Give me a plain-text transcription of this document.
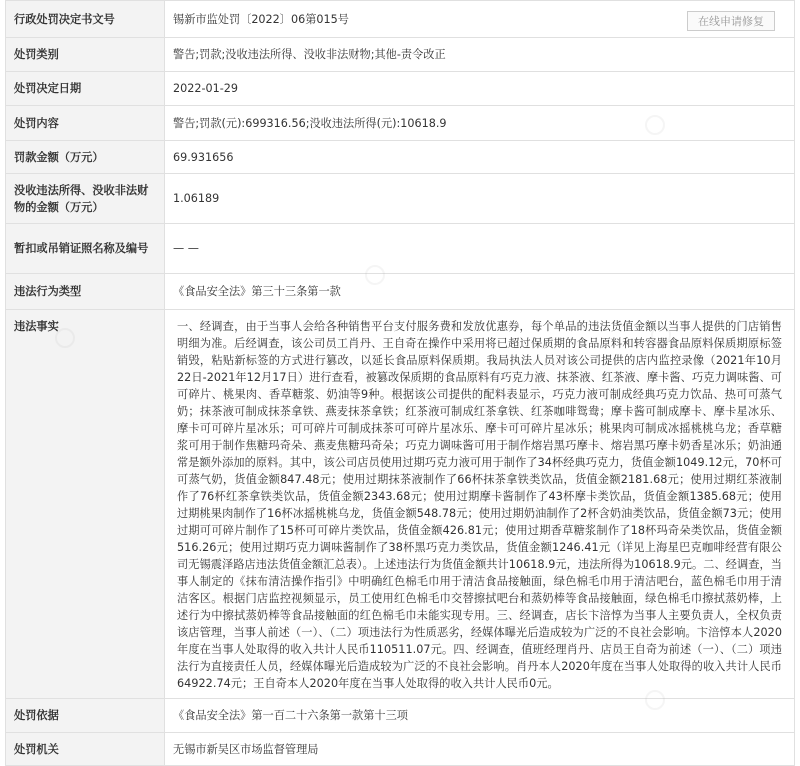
行政处罚决定书文号	锡新市监处罚〔2022〕06第015号
处罚类别	警告;罚款;没收违法所得、没收非法财物;其他-责令改正
处罚决定日期	2022-01-29
处罚内容	警告;罚款(元):699316.56;没收违法所得(元):10618.9
罚款金额（万元）	69.931656
没收违法所得、没收非法财物的金额（万元）	1.06189
暂扣或吊销证照名称及编号	— —
违法行为类型	《食品安全法》第三十三条第一款
违法事实	一、经调查，由于当事人会给各种销售平台支付服务费和发放优惠券，每个单品的违法货值金额以当事人提供的门店销售明细为准。后经调查，该公司员工肖丹、王自奇在操作中采用将已超过保质期的食品原料和转容器食品原料保质期原标签销毁，粘贴新标签的方式进行篡改，以延长食品原料保质期。我局执法人员对该公司提供的店内监控录像（2021年10月22日-2021年12月17日）进行查看，被篡改保质期的食品原料有巧克力液、抹茶液、红茶液、摩卡酱、巧克力调味酱、可可碎片、桃果肉、香草糖浆、奶油等9种。根据该公司提供的配料表显示，巧克力液可制成经典巧克力饮品、热可可蒸气奶；抹茶液可制成抹茶拿铁、燕麦抹茶拿铁；红茶液可制成红茶拿铁、红茶咖啡鸳鸯；摩卡酱可制成摩卡、摩卡星冰乐、摩卡可可碎片星冰乐；可可碎片可制成抹茶可可碎片星冰乐、摩卡可可碎片星冰乐；桃果肉可制成冰摇桃桃乌龙；香草糖浆可用于制作焦糖玛奇朵、燕麦焦糖玛奇朵；巧克力调味酱可用于制作熔岩黑巧摩卡、熔岩黑巧摩卡奶香星冰乐；奶油通常是额外添加的原料。其中，该公司店员使用过期巧克力液可用于制作了34杯经典巧克力，货值金额1049.12元，70杯可可蒸气奶，货值金额847.48元；使用过期抹茶液制作了66杯抹茶拿铁类饮品，货值金额2181.68元；使用过期红茶液制作了76杯红茶拿铁类饮品，货值金额2343.68元；使用过期摩卡酱制作了43杯摩卡类饮品，货值金额1385.68元；使用过期桃果肉制作了16杯冰摇桃桃乌龙，货值金额548.78元；使用过期奶油制作了2杯含奶油类饮品，货值金额73元；使用过期可可碎片制作了15杯可可碎片类饮品，货值金额426.81元；使用过期香草糖浆制作了18杯玛奇朵类饮品，货值金额516.26元；使用过期巧克力调味酱制作了38杯黑巧克力类饮品，货值金额1246.41元（详见上海星巴克咖啡经营有限公司无锡震泽路店违法货值金额汇总表）。上述违法行为货值金额共计10618.9元，违法所得为10618.9元。二、经调查，当事人制定的《抹布清洁操作指引》中明确红色棉毛巾用于清洁食品接触面，绿色棉毛巾用于清洁吧台，蓝色棉毛巾用于清洁客区。根据门店监控视频显示，员工使用红色棉毛巾交替擦拭吧台和蒸奶棒等食品接触面，绿色棉毛巾擦拭蒸奶棒，上述行为中擦拭蒸奶棒等食品接触面的红色棉毛巾未能实现专用。三、经调查，店长卞涪惇为当事人主要负责人，全权负责该店管理，当事人前述（一）、（二）项违法行为性质恶劣，经媒体曝光后造成较为广泛的不良社会影响。卞涪惇本人2020年度在当事人处取得的收入共计人民币110511.07元。四、经调查，值班经理肖丹、店员王自奇为前述（一）、（二）项违法行为直接责任人员，经媒体曝光后造成较为广泛的不良社会影响。肖丹本人2020年度在当事人处取得的收入共计人民币64922.74元；王自奇本人2020年度在当事人处取得的收入共计人民币0元。
处罚依据	《食品安全法》第一百二十六条第一款第十三项
处罚机关	无锡市新吴区市场监督管理局
在线申请修复
